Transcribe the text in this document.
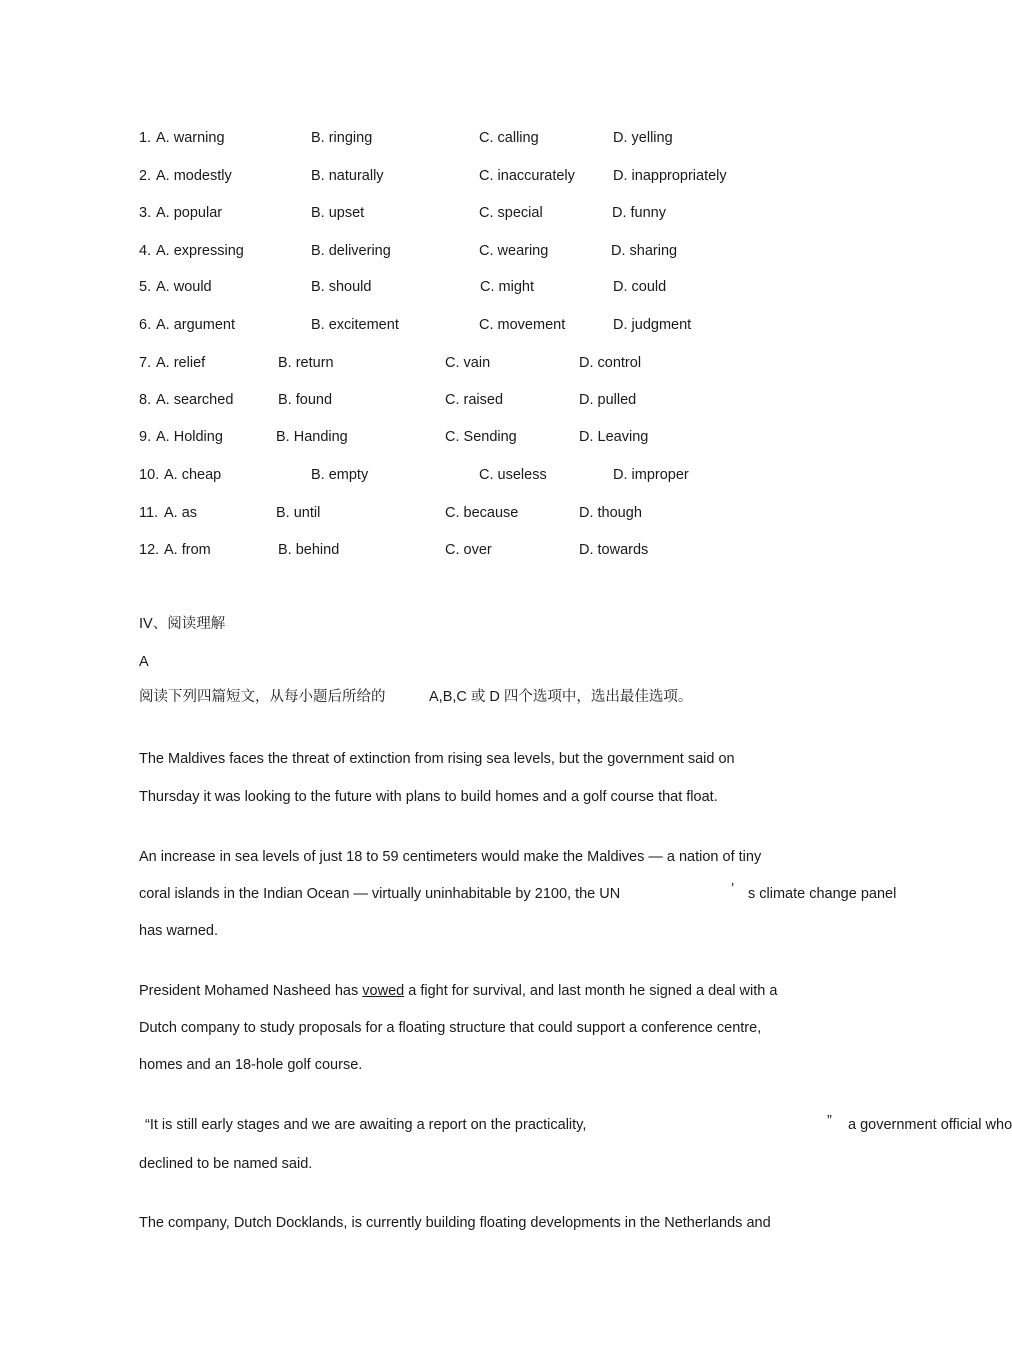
1. A. warning	B. ringing	C. calling	D. yelling
2. A. modestly	B. naturally	C. inaccurately	D. inappropriately
3. A. popular	B. upset	C. special	D. funny
4. A. expressing	B. delivering	C. wearing	D. sharing
5. A. would	B. should	C. might	D. could
6. A. argument	B. excitement	C. movement	D. judgment
7. A. relief	B. return	C. vain	D. control
8. A. searched	B. found	C. raised	D. pulled
9. A. Holding	B. Handing	C. Sending	D. Leaving
10. A. cheap	B. empty	C. useless	D. improper
11. A. as	B. until	C. because	D. though
12. A. from	B. behind	C. over	D. towards
IV、阅读理解
A
阅读下列四篇短文，从每小题后所给的	A,B,C 或 D 四个选项中，选出最佳选项。
The Maldives faces the threat of extinction from rising sea levels, but the government said on
Thursday it was looking to the future with plans to build homes and a golf course that float.
An increase in sea levels of just 18 to 59 centimeters would make the Maldives — a nation of tiny
coral islands in the Indian Ocean — virtually uninhabitable by 2100, the UN	’ s climate change panel
has warned.
President Mohamed Nasheed has vowed a fight for survival, and last month he signed a deal with a
Dutch company to study proposals for a floating structure that could support a conference centre,
homes and an 18-hole golf course.
“It is still early stages and we are awaiting a report on the practicality,	” a government official who
declined to be named said.
The company, Dutch Docklands, is currently building floating developments in the Netherlands and
